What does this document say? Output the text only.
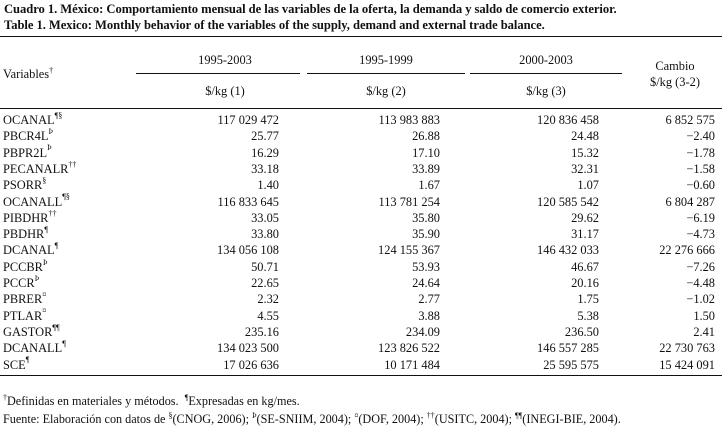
Cuadro 1. México: Comportamiento mensual de las variables de la oferta, la demanda y saldo de comercio exterior.
Table 1. Mexico: Monthly behavior of the variables of the supply, demand and external trade balance.
Variables†
1995-2003	1995-1999	2000-2003	Cambio
$/kg (3-2)
$/kg (1)	$/kg (2)	$/kg (3)
OCANAL¶§	117 029 472	113 983 883	120 836 458	6 852 575
$PBCR4L^Þ$	25.77	26.88	24.48	−2.40
$PBPR2L^Þ$	16.29	17.10	15.32	−1.78
PECANALR††	33.18	33.89	32.31	−1.58
PSORR§	1.40	1.67	1.07	−0.60
OCANALL¶§	116 833 645	113 781 254	120 585 542	6 804 287
PIBDHR††	33.05	35.80	29.62	−6.19
PBDHR¶	33.80	35.90	31.17	−4.73
DCANAL¶	134 056 108	124 155 367	146 432 033	22 276 666
$PCCBR^Þ$	50.71	53.93	46.67	−7.26
$PCCR^Þ$	22.65	24.64	20.16	−4.48
PBRER¤	2.32	2.77	1.75	−1.02
PTLAR¤	4.55	3.88	5.38	1.50
GASTOR¶¶	235.16	234.09	236.50	2.41
DCANALL¶	134 023 500	123 826 522	146 557 285	22 730 763
SCE¶	17 026 636	10 171 484	25 595 575	15 424 091
†Definidas en materiales y métodos. ¶Expresadas en kg/mes.
Fuente: Elaboración con datos de §(CNOG, 2006); $^Þ$(SE-SNIIM, 2004); ¤(DOF, 2004); ††(USITC, 2004); ¶¶(INEGI-BIE, 2004).
